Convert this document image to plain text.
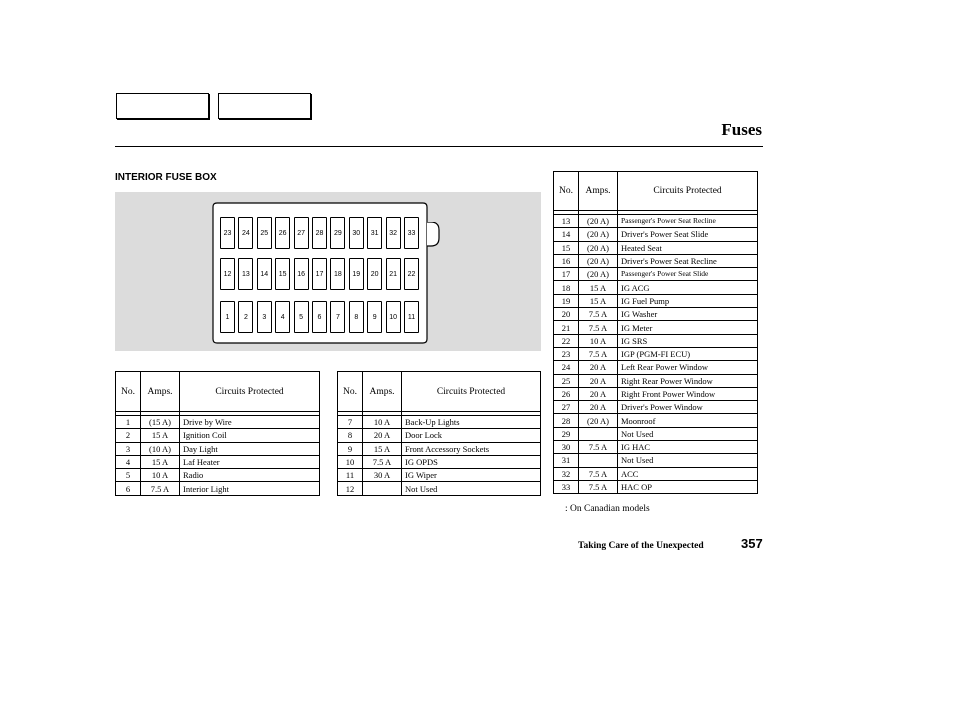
Fuses
INTERIOR FUSE BOX
23	24	25	26	27	28	29	30	31	32	33
12	13	14	15	16	17	18	19	20	21	22
1	2	3	4	5	6	7	8	9	10	11
No.	Amps.	Circuits Protected

1	(15 A)	Drive by Wire
2	15 A	Ignition Coil
3	(10 A)	Day Light
4	15 A	Laf Heater
5	10 A	Radio
6	7.5 A	Interior Light
No.	Amps.	Circuits Protected

7	10 A	Back-Up Lights
8	20 A	Door Lock
9	15 A	Front Accessory Sockets
10	7.5 A	IG OPDS
11	30 A	IG Wiper
12		Not Used
No.	Amps.	Circuits Protected

13	(20 A)	Passenger's Power Seat Recline
14	(20 A)	Driver's Power Seat Slide
15	(20 A)	Heated Seat
16	(20 A)	Driver's Power Seat Recline
17	(20 A)	Passenger's Power Seat Slide
18	15 A	IG ACG
19	15 A	IG Fuel Pump
20	7.5 A	IG Washer
21	7.5 A	IG Meter
22	10 A	IG SRS
23	7.5 A	IGP (PGM-FI ECU)
24	20 A	Left Rear Power Window
25	20 A	Right Rear Power Window
26	20 A	Right Front Power Window
27	20 A	Driver's Power Window
28	(20 A)	Moonroof
29		Not Used
30	7.5 A	IG HAC
31		Not Used
32	7.5 A	ACC
33	7.5 A	HAC OP
: On Canadian models
Taking Care of the Unexpected	357
